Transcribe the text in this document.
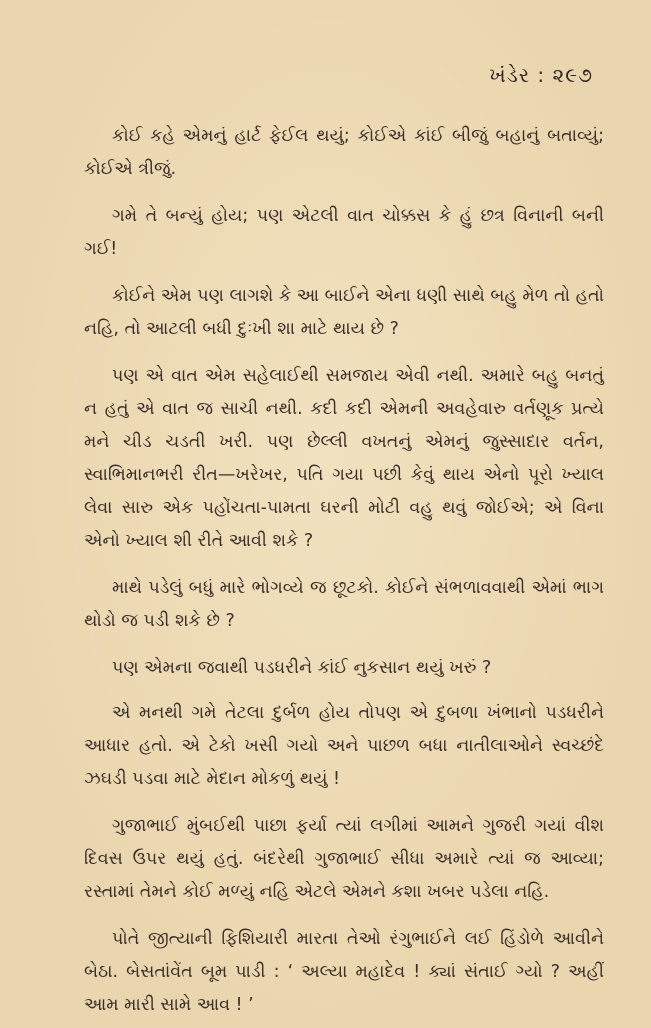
ખંડેર : ૨૯૭

કોઈ કહે એમનું હાર્ટ ફેઈલ થયું; કોઈએ કાંઈ બીજું બહાનું બતાવ્યું; કોઈએ ત્રીજું.

ગમે તે બન્યું હોય; પણ એટલી વાત ચોક્કસ કે હું છત્ર વિનાની બની ગઈ!

કોઈને એમ પણ લાગશે કે આ બાઈને એના ધણી સાથે બહુ મેળ તો હતો નહિ, તો આટલી બધી દુઃખી શા માટે થાય છે ?

પણ એ વાત એમ સહેલાઈથી સમજાય એવી નથી. અમારે બહુ બનતું ન હતું એ વાત જ સાચી નથી. કદી કદી એમની અવહેવારુ વર્તણૂક પ્રત્યે મને ચીડ ચડતી ખરી. પણ છેલ્લી વખતનું એમનું જુસ્સાદાર વર્તન, સ્વાભિમાનભરી રીત—ખરેખર, પતિ ગયા પછી કેવું થાય એનો પૂરો ખ્યાલ લેવા સારુ એક પહોંચતા-પામતા ઘરની મોટી વહુ થવું જોઈએ; એ વિના એનો ખ્યાલ શી રીતે આવી શકે ?

માથે પડેલું બધું મારે ભોગવ્યે જ છૂટકો. કોઈને સંભળાવવાથી એમાં ભાગ થોડો જ પડી શકે છે ?

પણ એમના જવાથી પડધરીને કાંઈ નુકસાન થયું ખરું ?

એ મનથી ગમે તેટલા દુર્બળ હોય તોપણ એ દુબળા ખંભાનો પડધરીને આધાર હતો. એ ટેકો ખસી ગયો અને પાછળ બધા નાતીલાઓને સ્વચ્છંદે ઝઘડી પડવા માટે મેદાન મોકળું થયું !

ગુજાભાઈ મુંબઈથી પાછા ફર્યા ત્યાં લગીમાં આમને ગુજરી ગયાં વીશ દિવસ ઉપર થયું હતું. બંદરેથી ગુજાભાઈ સીધા અમારે ત્યાં જ આવ્યા; રસ્તામાં તેમને કોઈ મળ્યું નહિ એટલે એમને કશા ખબર પડેલા નહિ.

પોતે જીત્યાની ફિશિયારી મારતા તેઓ રંગુભાઈને લઈ હિંડોળે આવીને બેઠા. બેસતાંવેંત બૂમ પાડી : ‘ અલ્યા મહાદેવ ! ક્યાં સંતાઈ ગ્યો ? અહીં આમ મારી સામે આવ ! ’
